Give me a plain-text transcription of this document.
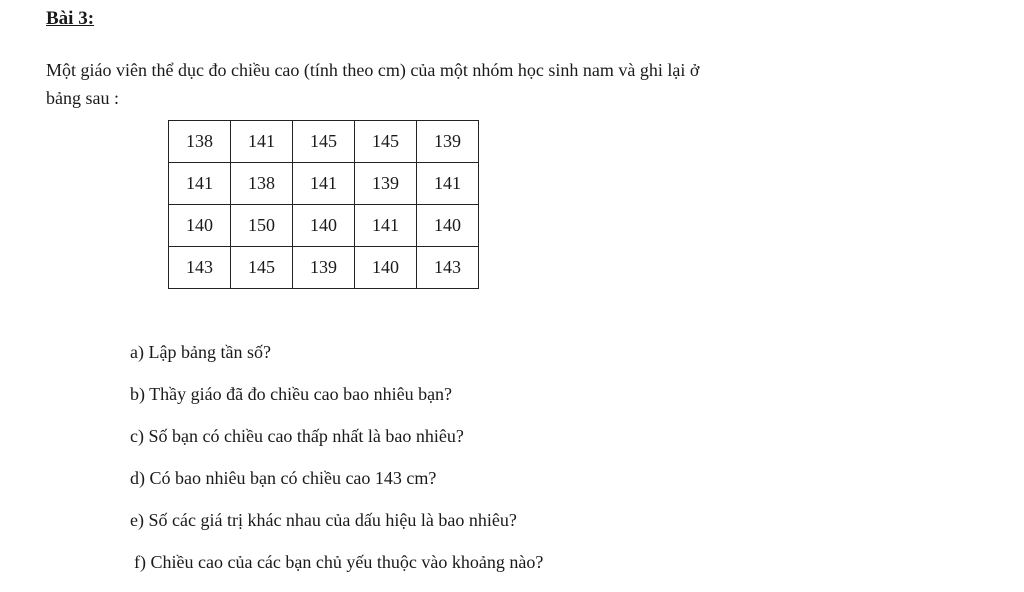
Bài 3:
Một giáo viên thể dục đo chiều cao (tính theo cm) của một nhóm học sinh nam và ghi lại ở
bảng sau :
138	141	145	145	139
141	138	141	139	141
140	150	140	141	140
143	145	139	140	143
a) Lập bảng tần số?
b) Thầy giáo đã đo chiều cao bao nhiêu bạn?
c) Số bạn có chiều cao thấp nhất là bao nhiêu?
d) Có bao nhiêu bạn có chiều cao 143 cm?
e) Số các giá trị khác nhau của dấu hiệu là bao nhiêu?
f) Chiều cao của các bạn chủ yếu thuộc vào khoảng nào?
